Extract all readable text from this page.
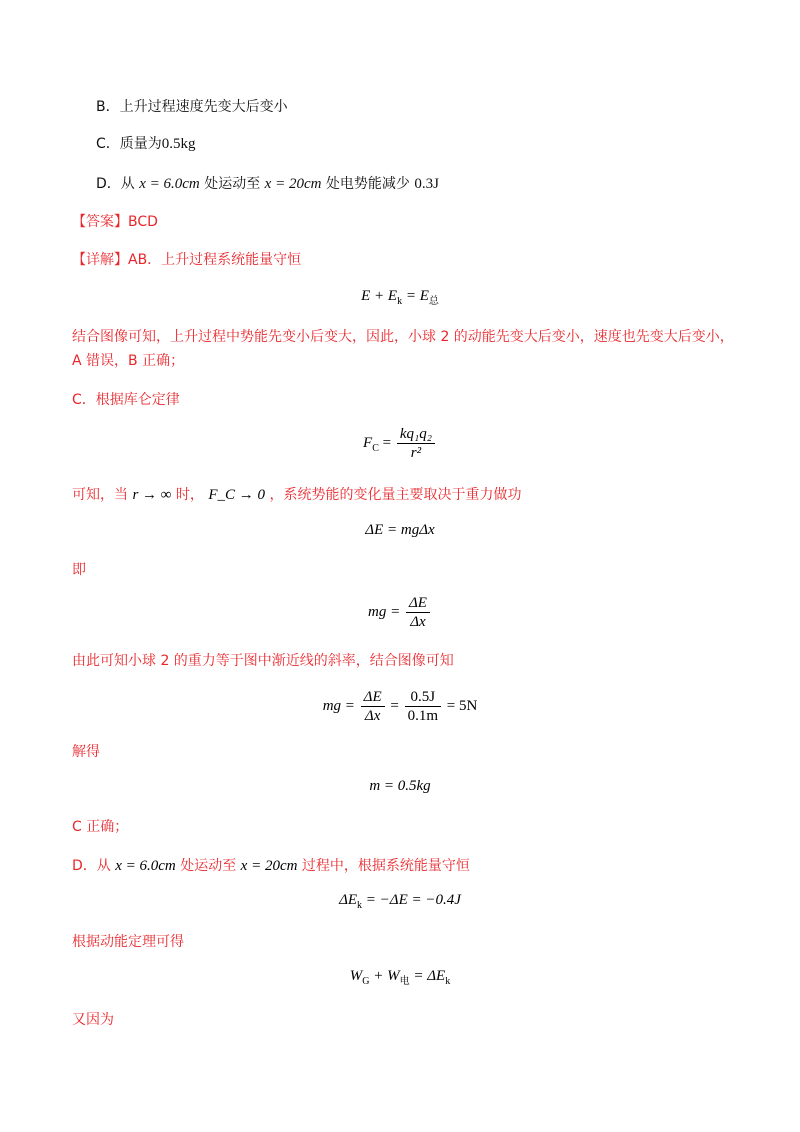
B．上升过程速度先变大后变小
C．质量为0.5kg
D．从 x = 6.0cm 处运动至 x = 20cm 处电势能减少 0.3J
【答案】BCD
【详解】AB．上升过程系统能量守恒
$E + E_k = E_总$
结合图像可知，上升过程中势能先变小后变大，因此，小球 2 的动能先变大后变小，速度也先变大后变小，
A 错误，B 正确；
C．根据库仑定律
$F_C = \frac{\text{kq₁q₂}}{\text{r²}}$
可知，当 r → ∞ 时， F_C → 0 ，系统势能的变化量主要取决于重力做功
ΔE = mgΔx
即
mg = $\frac{\Delta E}{\Delta x}$
由此可知小球 2 的重力等于图中渐近线的斜率，结合图像可知
mg = $\frac{\Delta E}{\Delta x} = \frac{0.5J}{0.1m} = 5N$
解得
m = 0.5kg
C 正确；
D．从 x = 6.0cm 处运动至 x = 20cm 过程中，根据系统能量守恒
$\Delta E_k = -\Delta E = -0.4J$
根据动能定理可得
$W_G + W_电 = \Delta E_k$
又因为
